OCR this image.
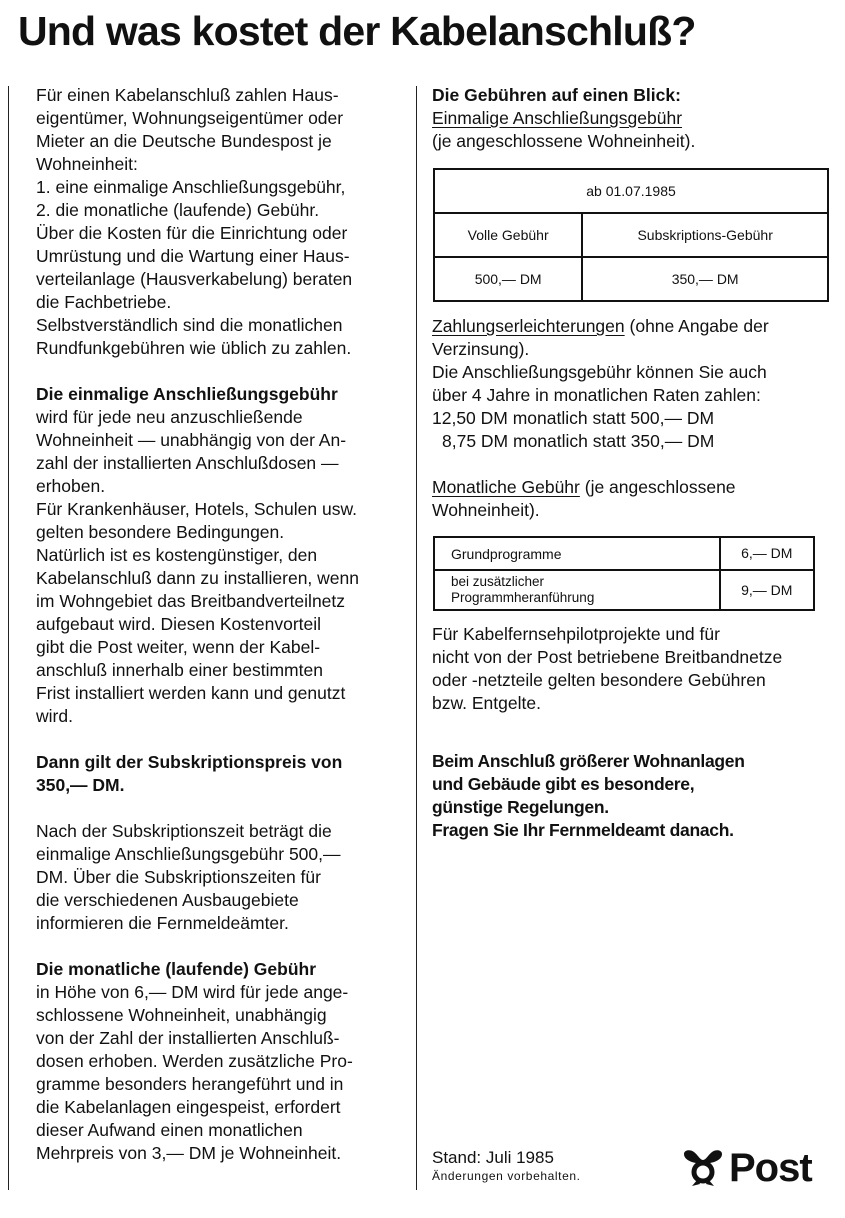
Und was kostet der Kabelanschluß?
Für einen Kabelanschluß zahlen Haus-
eigentümer, Wohnungseigentümer oder
Mieter an die Deutsche Bundespost je
Wohneinheit:
1. eine einmalige Anschließungsgebühr,
2. die monatliche (laufende) Gebühr.
Über die Kosten für die Einrichtung oder
Umrüstung und die Wartung einer Haus-
verteilanlage (Hausverkabelung) beraten
die Fachbetriebe.
Selbstverständlich sind die monatlichen
Rundfunkgebühren wie üblich zu zahlen.
Die einmalige Anschließungsgebühr
wird für jede neu anzuschließende
Wohneinheit — unabhängig von der An-
zahl der installierten Anschlußdosen —
erhoben.
Für Krankenhäuser, Hotels, Schulen usw.
gelten besondere Bedingungen.
Natürlich ist es kostengünstiger, den
Kabelanschluß dann zu installieren, wenn
im Wohngebiet das Breitbandverteilnetz
aufgebaut wird. Diesen Kostenvorteil
gibt die Post weiter, wenn der Kabel-
anschluß innerhalb einer bestimmten
Frist installiert werden kann und genutzt
wird.
Dann gilt der Subskriptionspreis von
350,— DM.
Nach der Subskriptionszeit beträgt die
einmalige Anschließungsgebühr 500,—
DM. Über die Subskriptionszeiten für
die verschiedenen Ausbaugebiete
informieren die Fernmeldeämter.
Die monatliche (laufende) Gebühr
in Höhe von 6,— DM wird für jede ange-
schlossene Wohneinheit, unabhängig
von der Zahl der installierten Anschluß-
dosen erhoben. Werden zusätzliche Pro-
gramme besonders herangeführt und in
die Kabelanlagen eingespeist, erfordert
dieser Aufwand einen monatlichen
Mehrpreis von 3,— DM je Wohneinheit.
Die Gebühren auf einen Blick:
Einmalige Anschließungsgebühr
(je angeschlossene Wohneinheit).
ab 01.07.1985	
Volle Gebühr	Subskriptions-Gebühr
500,— DM	350,— DM
Zahlungserleichterungen (ohne Angabe der
Verzinsung).
Die Anschließungsgebühr können Sie auch
über 4 Jahre in monatlichen Raten zahlen:
12,50 DM monatlich statt 500,— DM
8,75 DM monatlich statt 350,— DM
Monatliche Gebühr (je angeschlossene
Wohneinheit).
Grundprogramme	6,— DM

bei zusätzlicher
Programmheranführung	9,— DM
Für Kabelfernsehpilotprojekte und für
nicht von der Post betriebene Breitbandnetze
oder -netzteile gelten besondere Gebühren
bzw. Entgelte.
Beim Anschluß größerer Wohnanlagen
und Gebäude gibt es besondere,
günstige Regelungen.
Fragen Sie Ihr Fernmeldeamt danach.
Stand: Juli 1985
Änderungen vorbehalten.	Post
